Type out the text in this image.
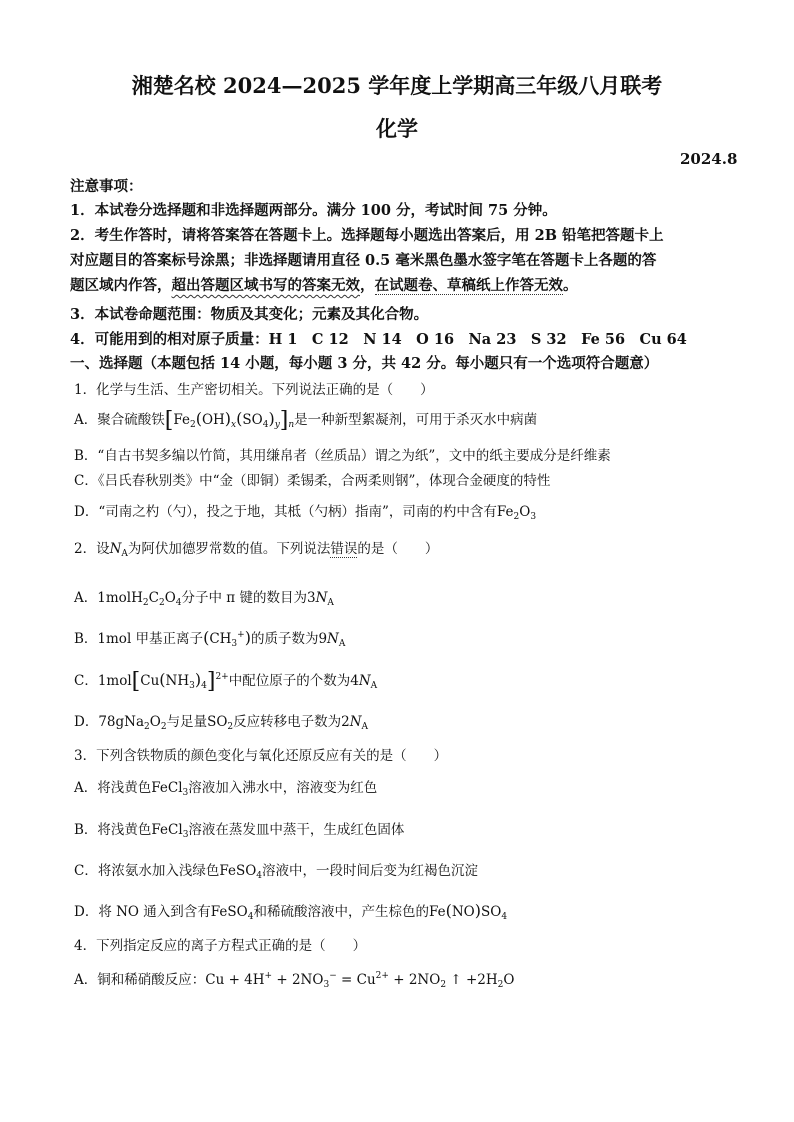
湘楚名校 2024—2025 学年度上学期高三年级八月联考
化学
2024.8
注意事项：
1．本试卷分选择题和非选择题两部分。满分 100 分，考试时间 75 分钟。
2．考生作答时，请将答案答在答题卡上。选择题每小题选出答案后，用 2B 铅笔把答题卡上
对应题目的答案标号涂黑；非选择题请用直径 0.5 毫米黑色墨水签字笔在答题卡上各题的答
题区域内作答，超出答题区域书写的答案无效，在试题卷、草稿纸上作答无效。
3．本试卷命题范围：物质及其变化；元素及其化合物。
4．可能用到的相对原子质量：H 1　C 12　N 14　O 16　Na 23　S 32　Fe 56　Cu 64
一、选择题（本题包括 14 小题，每小题 3 分，共 42 分。每小题只有一个选项符合题意）
1．化学与生活、生产密切相关。下列说法正确的是（　　）
A．聚合硫酸铁$[Fe_2(OH)_x(SO_4)_y]_n$是一种新型絮凝剂，可用于杀灭水中病菌
B．“自古书契多编以竹简，其用缣帛者（丝质品）谓之为纸”，文中的纸主要成分是纤维素
C．《吕氏春秋别类》中“金（即铜）柔锡柔，合两柔则钢”，体现合金硬度的特性
D．“司南之杓（勺），投之于地，其柢（勺柄）指南”，司南的杓中含有$Fe_2O_3$
2．设$N_A$为阿伏加德罗常数的值。下列说法错误的是（　　）
A．$1molH_2C_2O_4$分子中 π 键的数目为$3N_A$
B．1mol 甲基正离子$(CH_3^+)$的质子数为$9N_A$
C．$1mol[Cu(NH_3)_4]^{2+}$中配位原子的个数为$4N_A$
D．$78gNa_2O_2$与足量$SO_2$反应转移电子数为$2N_A$
3．下列含铁物质的颜色变化与氧化还原反应有关的是（　　）
A．将浅黄色FeCl$_3$溶液加入沸水中，溶液变为红色
B．将浅黄色FeCl$_3$溶液在蒸发皿中蒸干，生成红色固体
C．将浓氨水加入浅绿色FeSO$_4$溶液中，一段时间后变为红褐色沉淀
D．将 NO 通入到含有FeSO$_4$和稀硫酸溶液中，产生棕色的$Fe(NO)SO_4$
4．下列指定反应的离子方程式正确的是（　　）
A．铜和稀硝酸反应：$Cu + 4H^+ + 2NO_3^- = Cu^{2+} + 2NO_2$ ↑ $+2H_2O$
